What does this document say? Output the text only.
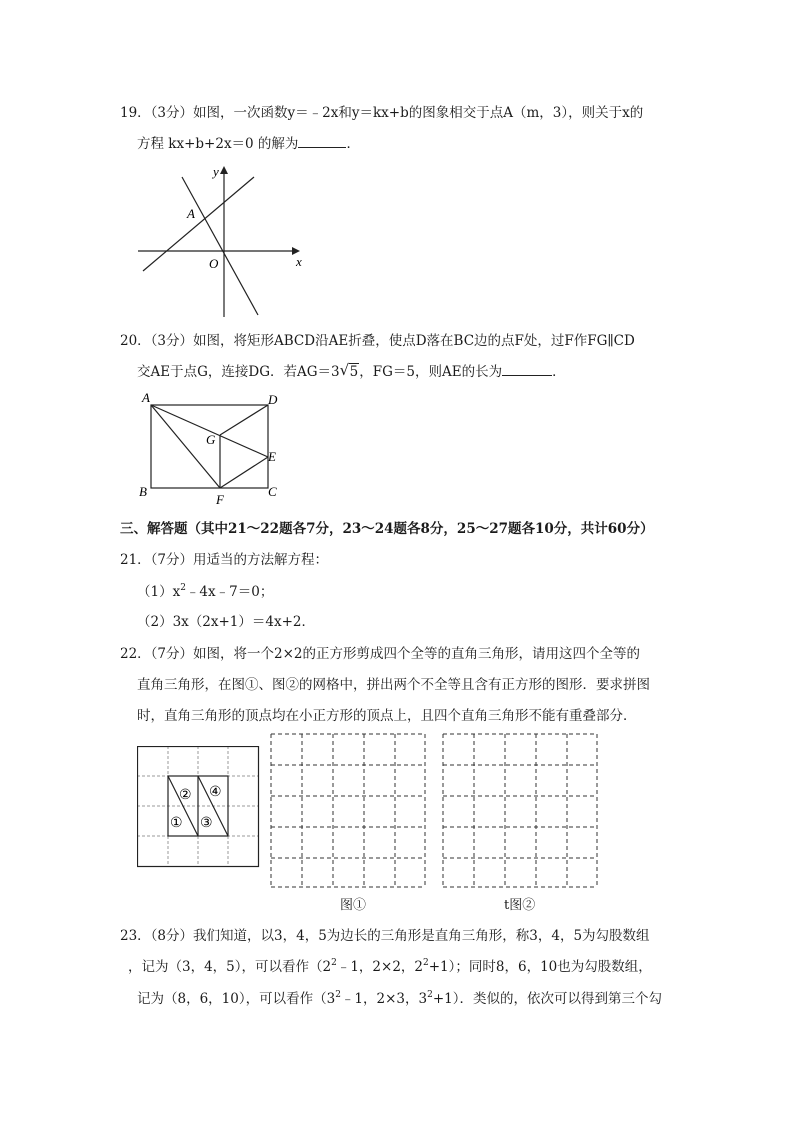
19．（3分）如图，一次函数y＝﹣2x和y＝kx+b的图象相交于点A（m，3），则关于x的
方程 kx+b+2x＝0 的解为	．
y
x
O
A
20．（3分）如图，将矩形ABCD沿AE折叠，使点D落在BC边的点F处，过F作FG∥CD
交AE于点G，连接DG．若AG＝3 √ 5，FG＝5，则AE的长为	．
A	D
B	C
E
F
G
三、解答题（其中21～22题各7分，23～24题各8分，25～27题各10分，共计60分）
21．（7分）用适当的方法解方程：
$(1)x^2﹣4x﹣7=0$；
（2）3x（2x+1）＝4x+2．
22．（7分）如图，将一个2×2的正方形剪成四个全等的直角三角形，请用这四个全等的
直角三角形，在图①、图②的网格中，拼出两个不全等且含有正方形的图形．要求拼图
时，直角三角形的顶点均在小正方形的顶点上，且四个直角三角形不能有重叠部分．
①
②
③
④
图①	t图②
23．（8分）我们知道，以3，4，5为边长的三角形是直角三角形，称3，4，5为勾股数组
，记为（3，4，5），可以看作（$2^2﹣1$，2×2，$2^2+1$）；同时8，6，10也为勾股数组，
记为（8，6，10），可以看作（$3^2﹣1$，2×3，$3^2+1$）．类似的，依次可以得到第三个勾
